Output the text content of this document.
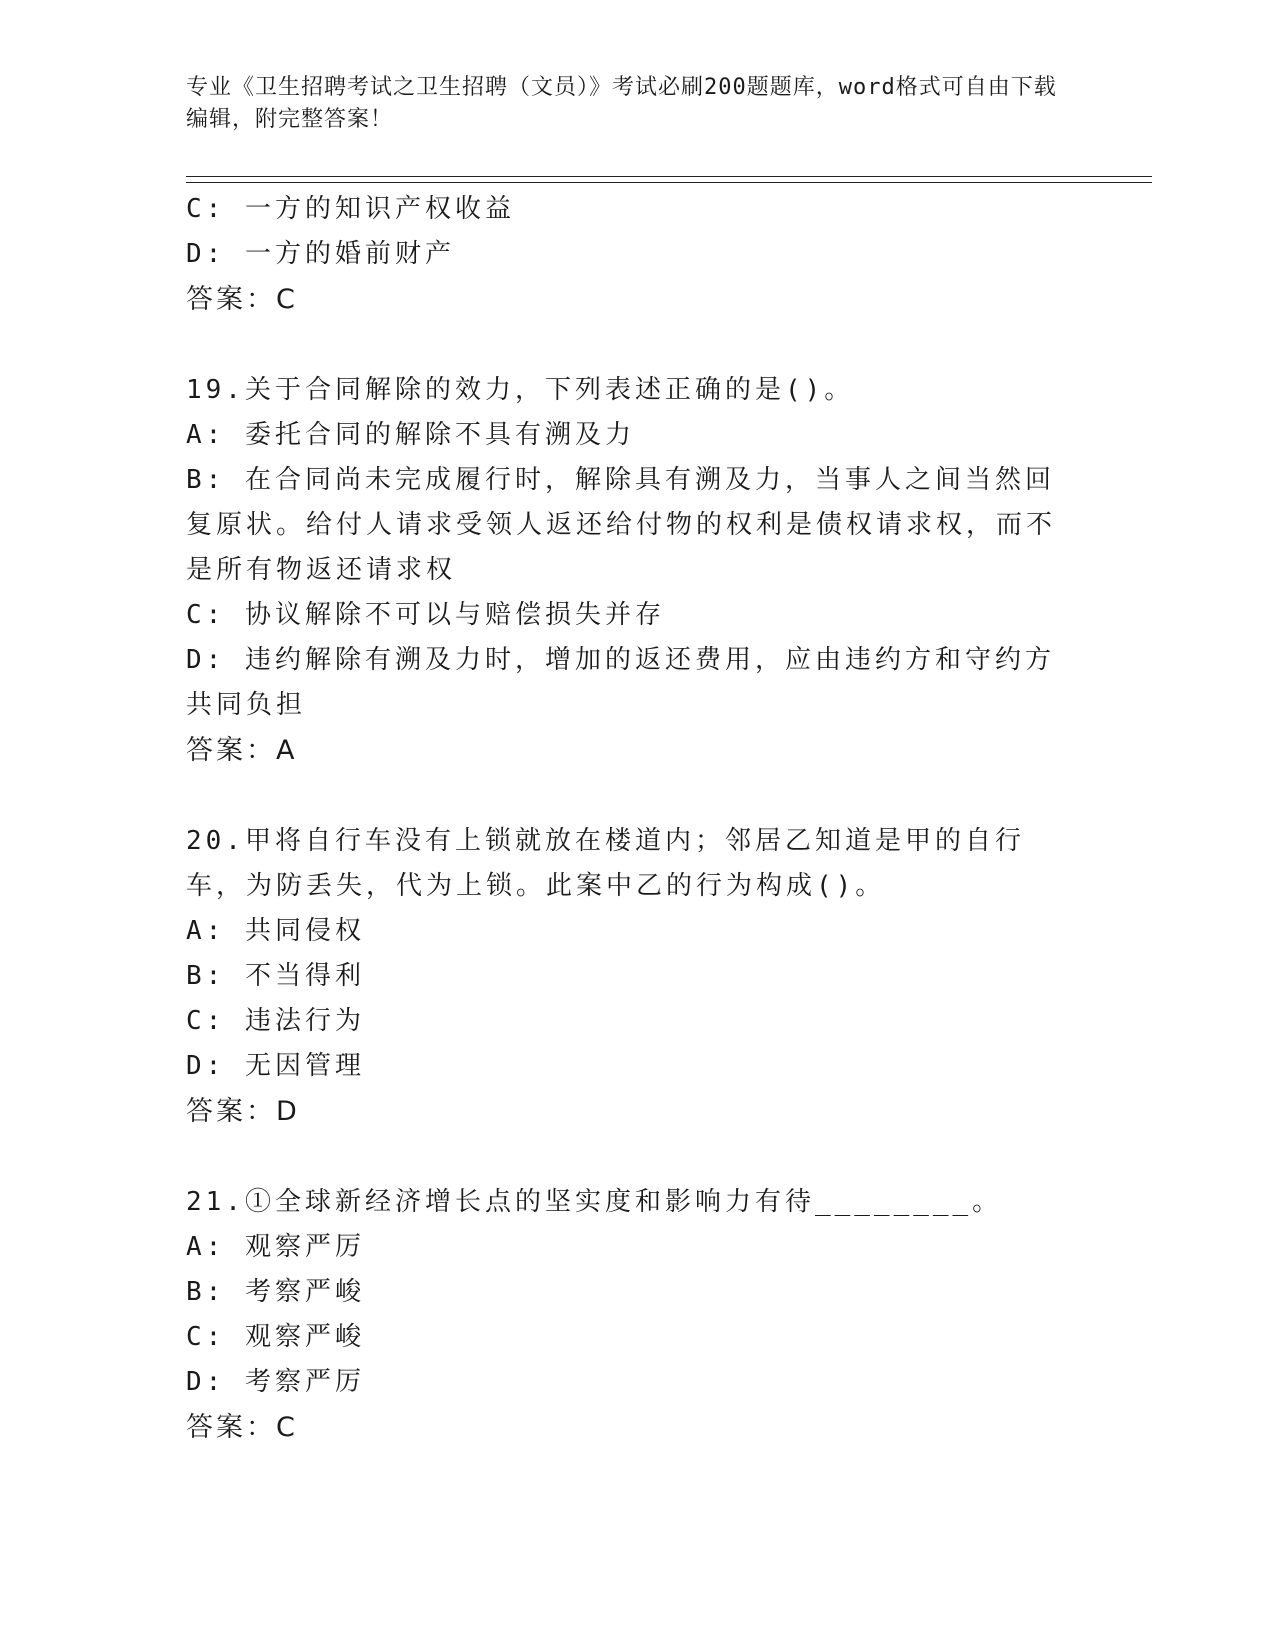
专业《卫生招聘考试之卫生招聘（文员）》考试必刷200题题库，word格式可自由下载编辑，附完整答案！
C: 一方的知识产权收益
D: 一方的婚前财产
答案：C
19.关于合同解除的效力，下列表述正确的是()。
A: 委托合同的解除不具有溯及力
B: 在合同尚未完成履行时，解除具有溯及力，当事人之间当然回复原状。给付人请求受领人返还给付物的权利是债权请求权，而不是所有物返还请求权
C: 协议解除不可以与赔偿损失并存
D: 违约解除有溯及力时，增加的返还费用，应由违约方和守约方共同负担
答案：A
20.甲将自行车没有上锁就放在楼道内；邻居乙知道是甲的自行车，为防丢失，代为上锁。此案中乙的行为构成()。
A: 共同侵权
B: 不当得利
C: 违法行为
D: 无因管理
答案：D
21.①全球新经济增长点的坚实度和影响力有待________。
A: 观察严厉
B: 考察严峻
C: 观察严峻
D: 考察严厉
答案：C
